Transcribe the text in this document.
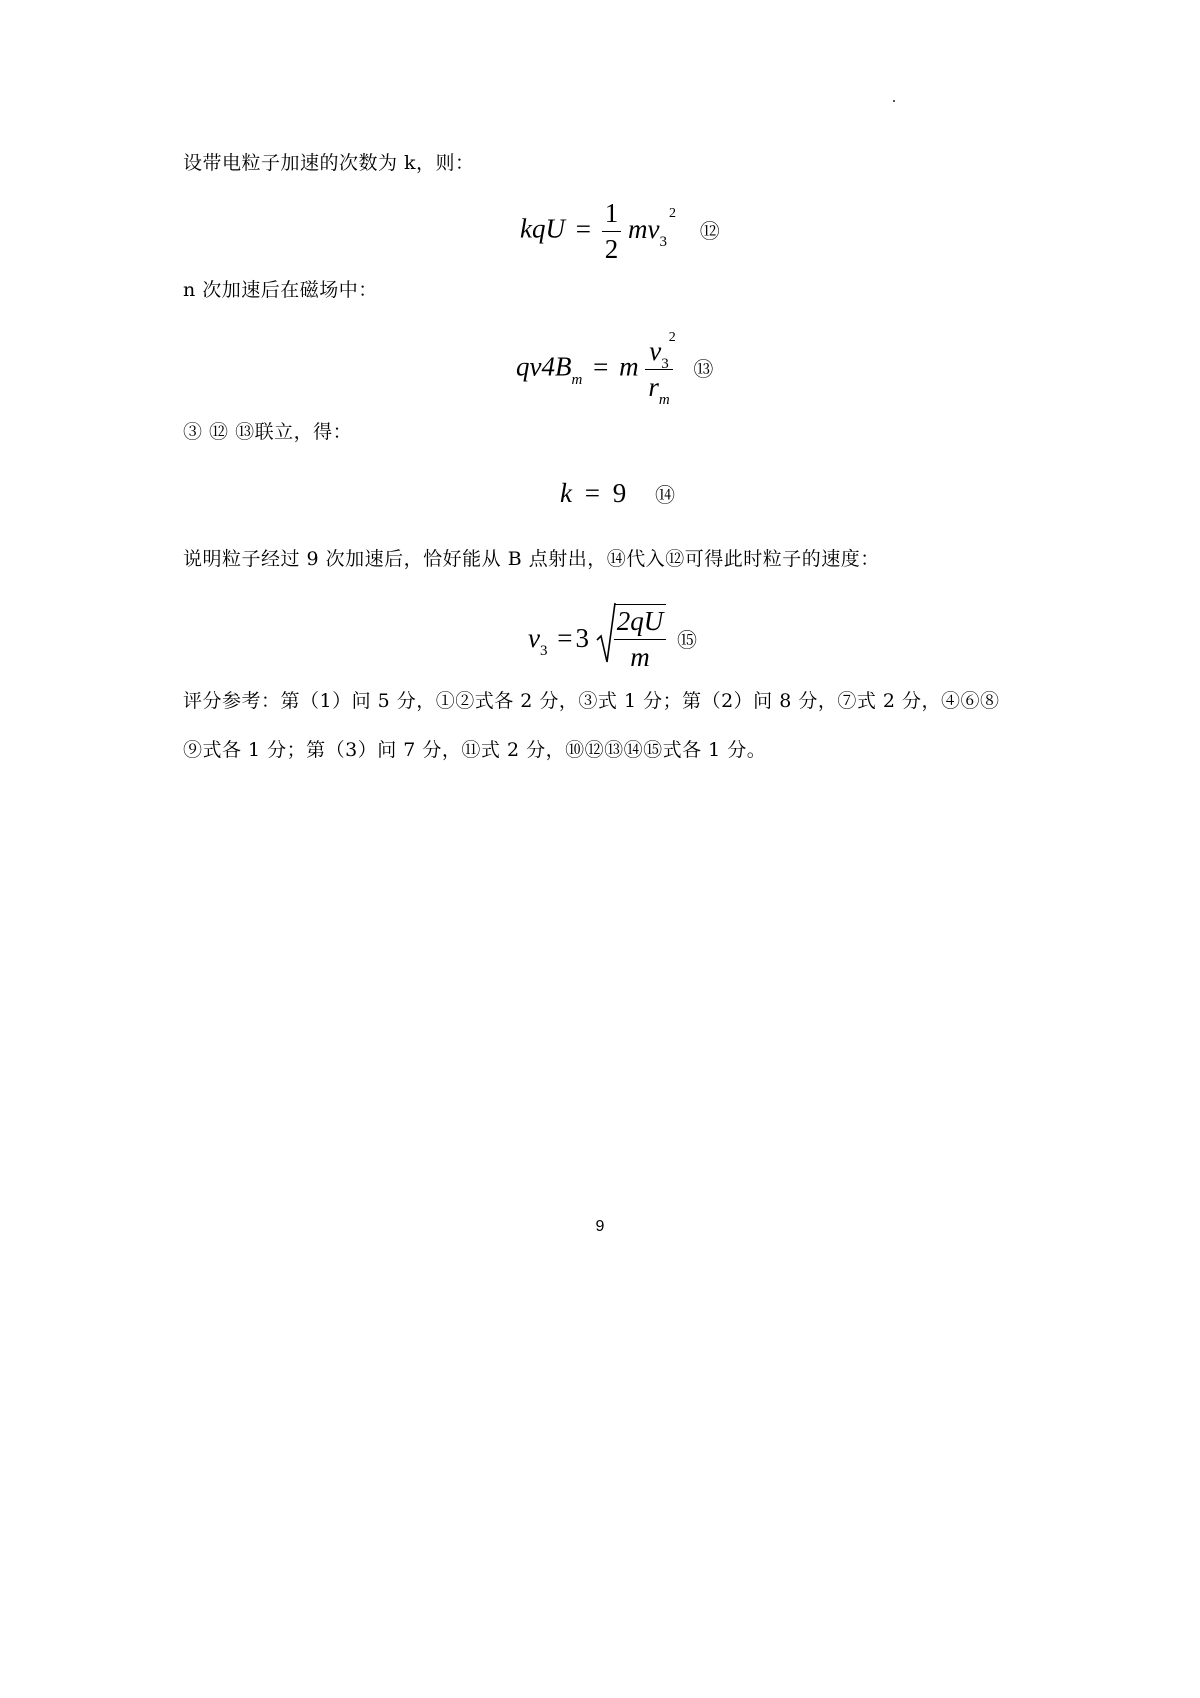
设带电粒子加速的次数为 k，则：
kqU = $\frac{1}{2} mv_3$
2
⑫
n 次加速后在磁场中：
$qv4B_m = m$ $v_3$
2
$r_m$ ⑬
③ ⑫ ⑬联立，得：
k = 9 ⑭
说明粒子经过 9 次加速后，恰好能从 B 点射出，⑭代入⑫可得此时粒子的速度：
$v_3 = 3 \frac{2qU}{m}$ ⑮
评分参考：第（1）问 5 分，①②式各 2 分，③式 1 分；第（2）问 8 分，⑦式 2 分，④⑥⑧
⑨式各 1 分；第（3）问 7 分，⑪式 2 分，⑩⑫⑬⑭⑮式各 1 分。
9
